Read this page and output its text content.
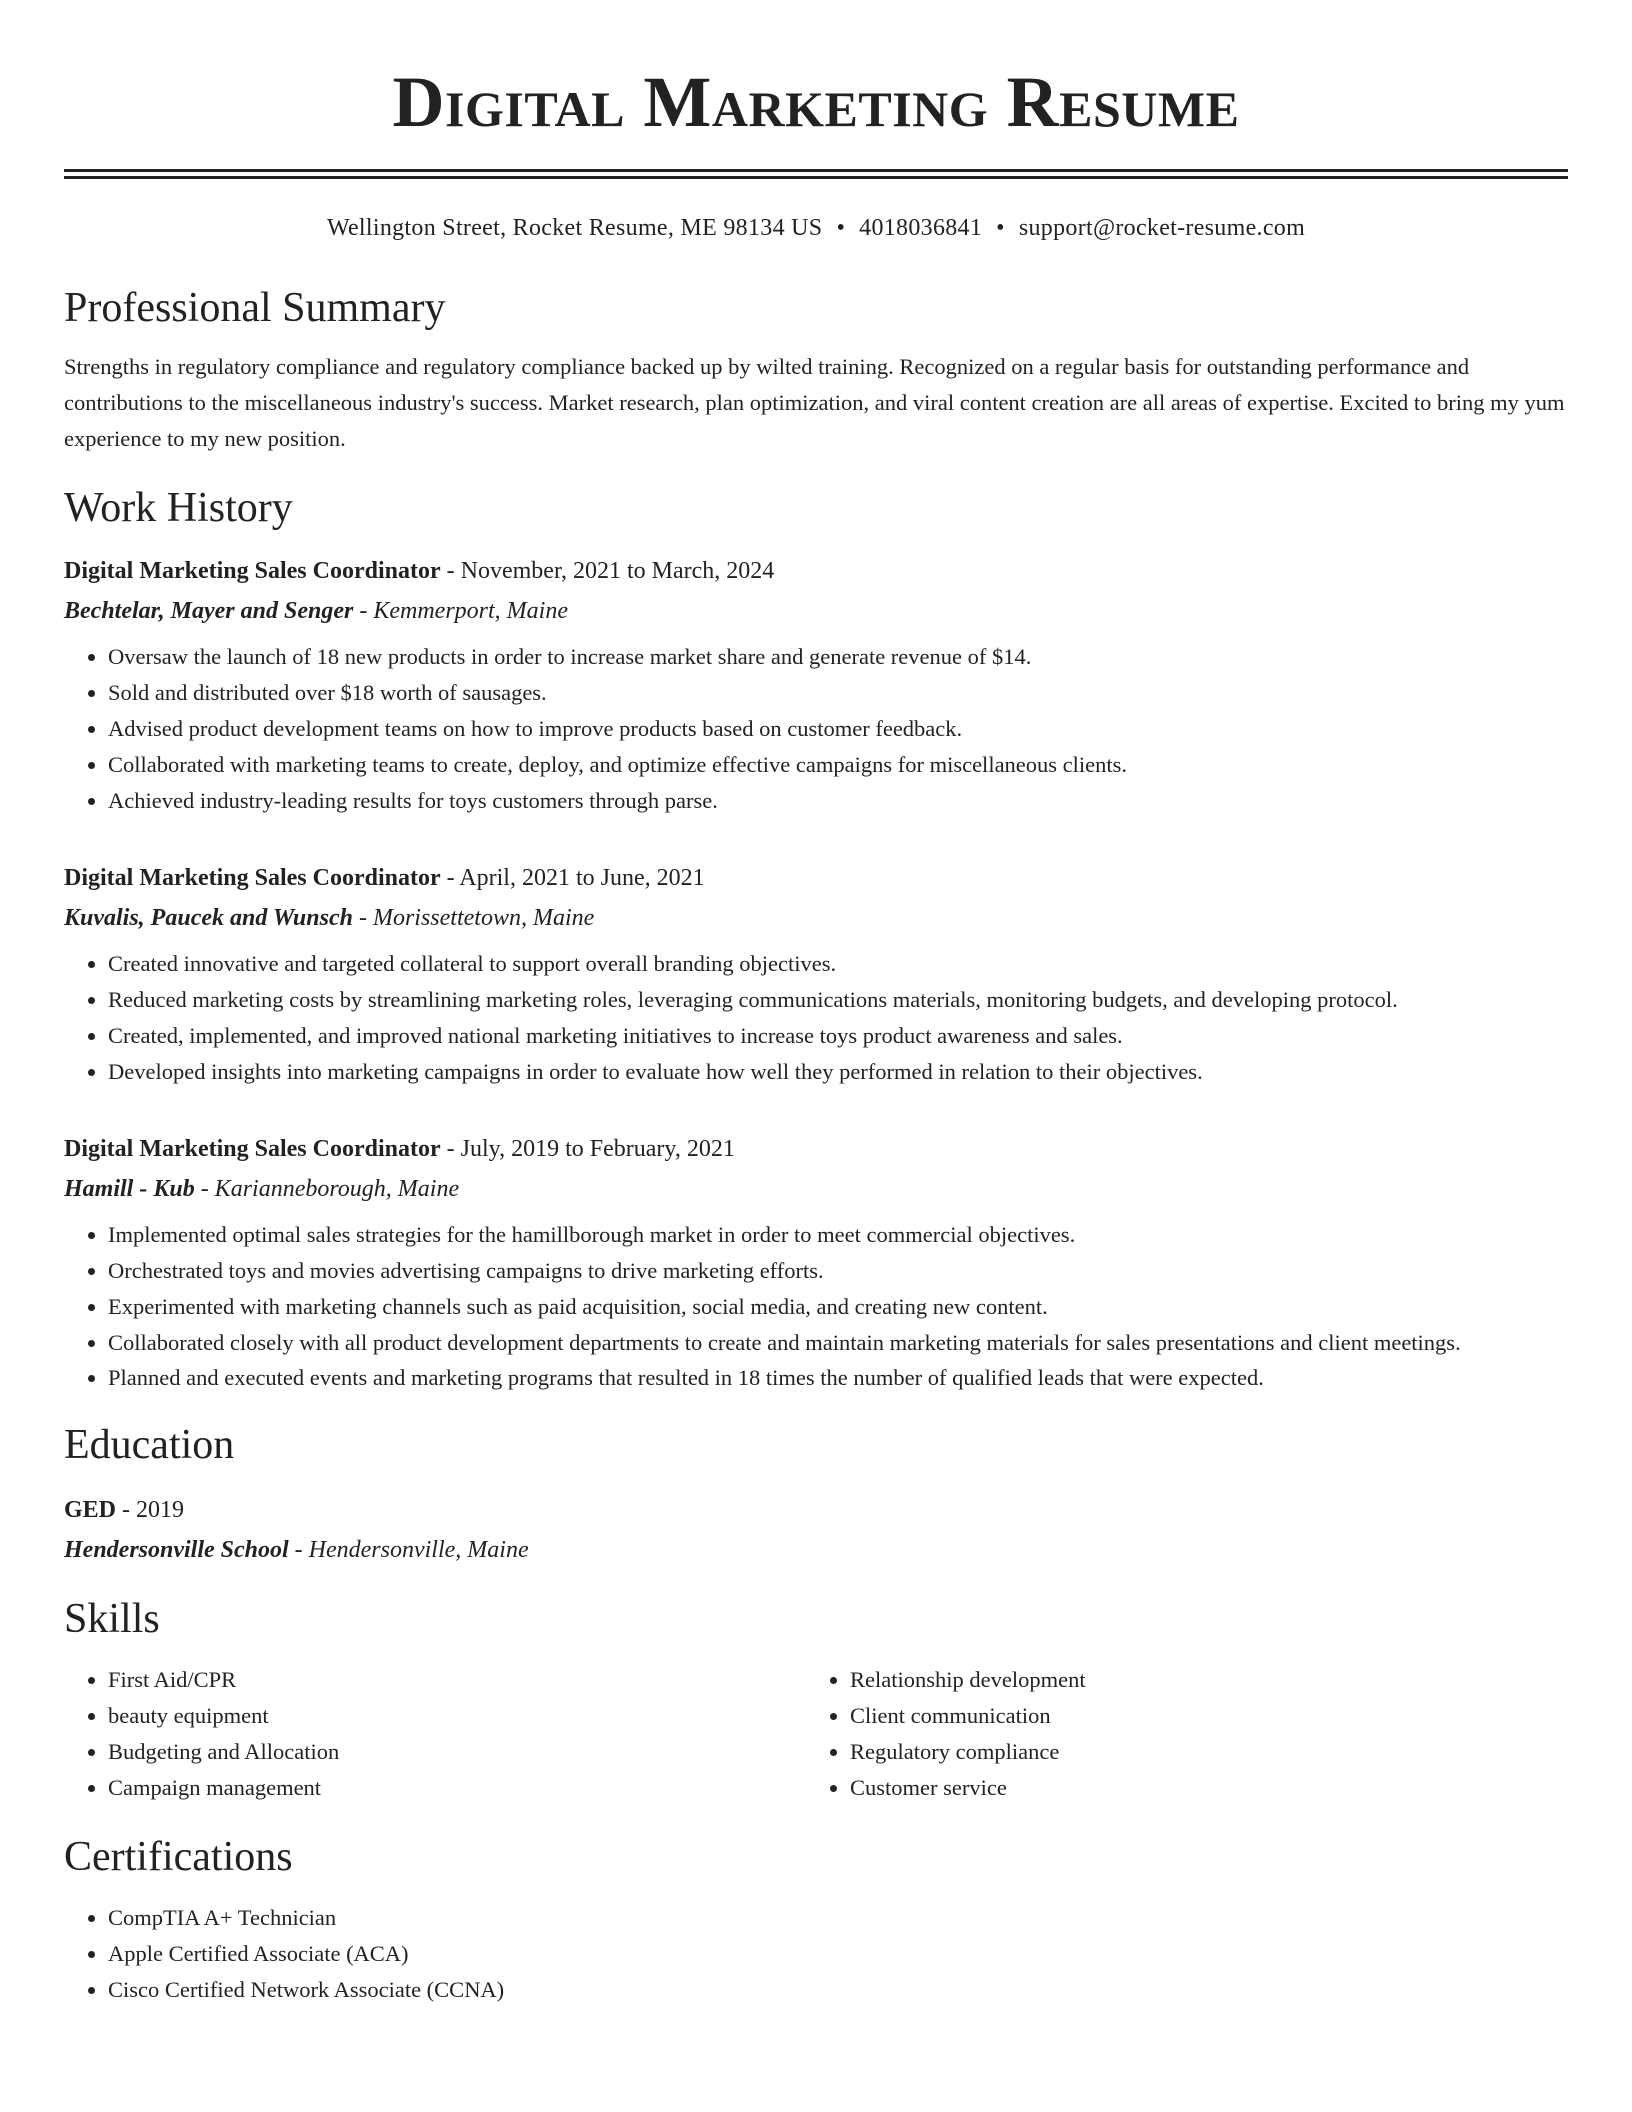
Digital Marketing Resume
Wellington Street, Rocket Resume, ME 98134 US • 4018036841 • support@rocket-resume.com
Professional Summary

Strengths in regulatory compliance and regulatory compliance backed up by wilted training. Recognized on a regular basis for outstanding performance and contributions to the miscellaneous industry's success. Market research, plan optimization, and viral content creation are all areas of expertise. Excited to bring my yum experience to my new position.

Work History
Digital Marketing Sales Coordinator - November, 2021 to March, 2024
Bechtelar, Mayer and Senger - Kemmerport, Maine
• Oversaw the launch of 18 new products in order to increase market share and generate revenue of $14.
• Sold and distributed over $18 worth of sausages.
• Advised product development teams on how to improve products based on customer feedback.
• Collaborated with marketing teams to create, deploy, and optimize effective campaigns for miscellaneous clients.
• Achieved industry-leading results for toys customers through parse.
Digital Marketing Sales Coordinator - April, 2021 to June, 2021
Kuvalis, Paucek and Wunsch - Morissettetown, Maine
• Created innovative and targeted collateral to support overall branding objectives.
• Reduced marketing costs by streamlining marketing roles, leveraging communications materials, monitoring budgets, and developing protocol.
• Created, implemented, and improved national marketing initiatives to increase toys product awareness and sales.
• Developed insights into marketing campaigns in order to evaluate how well they performed in relation to their objectives.
Digital Marketing Sales Coordinator - July, 2019 to February, 2021
Hamill - Kub - Karianneborough, Maine
• Implemented optimal sales strategies for the hamillborough market in order to meet commercial objectives.
• Orchestrated toys and movies advertising campaigns to drive marketing efforts.
• Experimented with marketing channels such as paid acquisition, social media, and creating new content.
• Collaborated closely with all product development departments to create and maintain marketing materials for sales presentations and client meetings.
• Planned and executed events and marketing programs that resulted in 18 times the number of qualified leads that were expected.
Education
GED - 2019
Hendersonville School - Hendersonville, Maine
Skills
• First Aid/CPR
• beauty equipment
• Budgeting and Allocation
• Campaign management
• Relationship development
• Client communication
• Regulatory compliance
• Customer service
Certifications
• CompTIA A+ Technician
• Apple Certified Associate (ACA)
• Cisco Certified Network Associate (CCNA)
